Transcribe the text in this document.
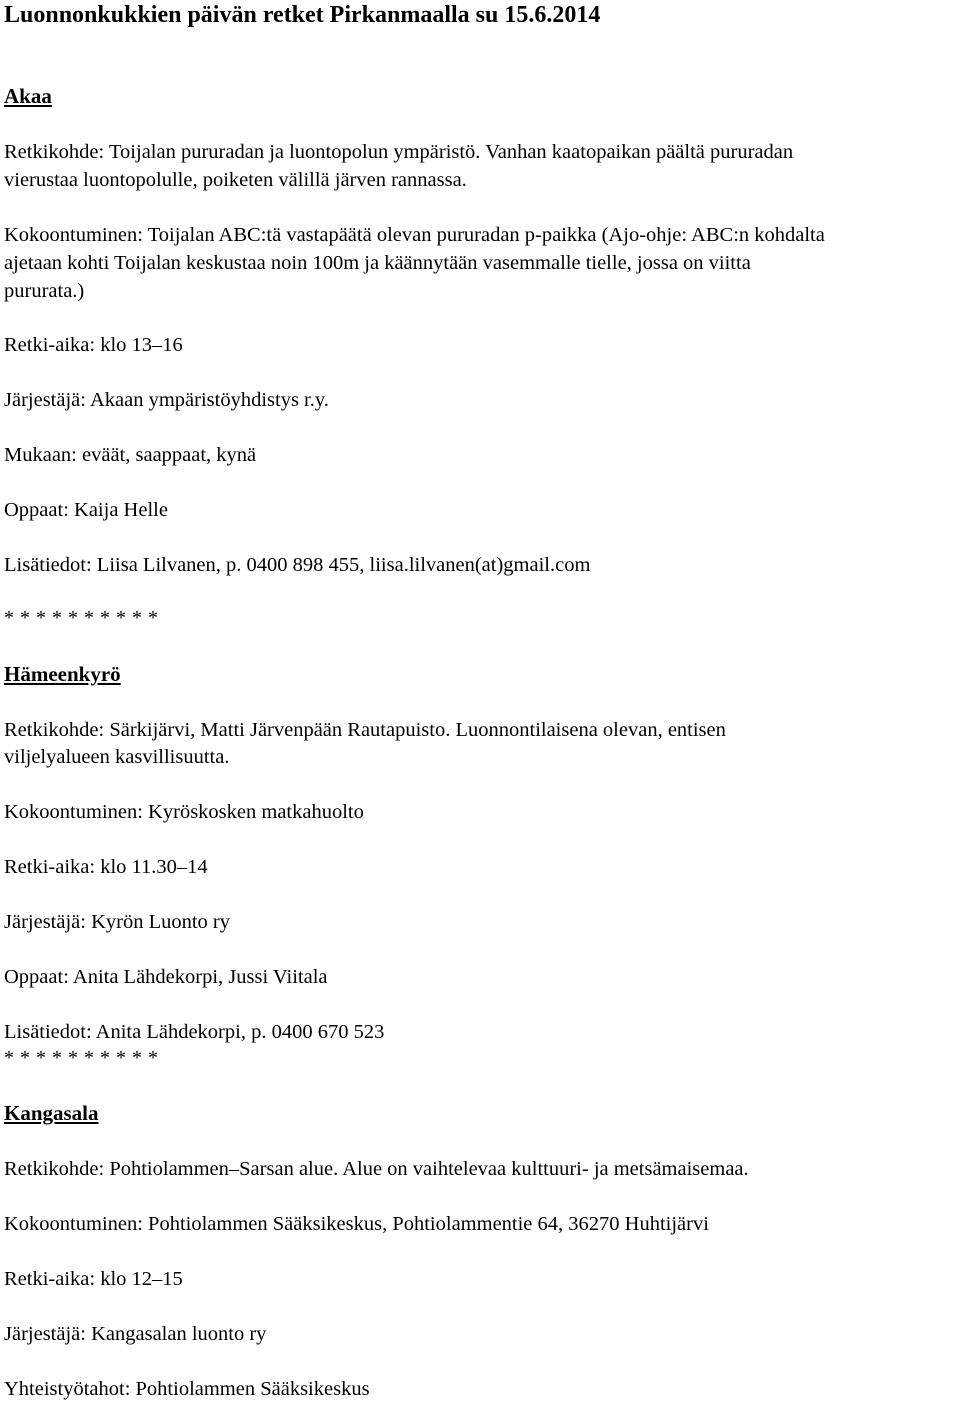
Luonnonkukkien päivän retket Pirkanmaalla su 15.6.2014
Akaa
Retkikohde: Toijalan pururadan ja luontopolun ympäristö. Vanhan kaatopaikan päältä pururadan
vierustaa luontopolulle, poiketen välillä järven rannassa.
Kokoontuminen: Toijalan ABC:tä vastapäätä olevan pururadan p-paikka (Ajo-ohje: ABC:n kohdalta
ajetaan kohti Toijalan keskustaa noin 100m ja käännytään vasemmalle tielle, jossa on viitta
pururata.)
Retki-aika: klo 13–16
Järjestäjä: Akaan ympäristöyhdistys r.y.
Mukaan: eväät, saappaat, kynä
Oppaat: Kaija Helle
Lisätiedot: Liisa Lilvanen, p. 0400 898 455, liisa.lilvanen(at)gmail.com
* * * * * * * * * *
Hämeenkyrö
Retkikohde: Särkijärvi, Matti Järvenpään Rautapuisto. Luonnontilaisena olevan, entisen
viljelyalueen kasvillisuutta.
Kokoontuminen: Kyröskosken matkahuolto
Retki-aika: klo 11.30–14
Järjestäjä: Kyrön Luonto ry
Oppaat: Anita Lähdekorpi, Jussi Viitala
Lisätiedot: Anita Lähdekorpi, p. 0400 670 523
* * * * * * * * * *
Kangasala
Retkikohde: Pohtiolammen–Sarsan alue. Alue on vaihtelevaa kulttuuri- ja metsämaisemaa.
Kokoontuminen: Pohtiolammen Sääksikeskus, Pohtiolammentie 64, 36270 Huhtijärvi
Retki-aika: klo 12–15
Järjestäjä: Kangasalan luonto ry
Yhteistyötahot: Pohtiolammen Sääksikeskus
